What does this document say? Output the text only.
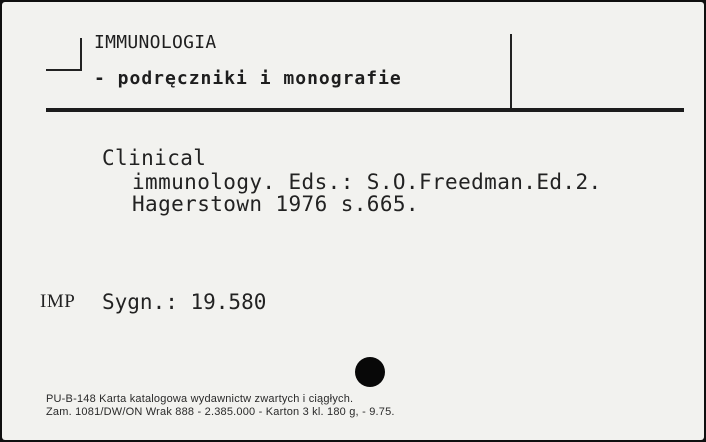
IMMUNOLOGIA
- podręczniki i monografie
Clinical
immunology. Eds.: S.O.Freedman.Ed.2.
Hagerstown 1976 s.665.
IMP Sygn.: 19.580
PU-B-148 Karta katalogowa wydawnictw zwartych i ciągłych.
Zam. 1081/DW/ON Wrak 888 - 2.385.000 - Karton 3 kl. 180 g, - 9.75.
